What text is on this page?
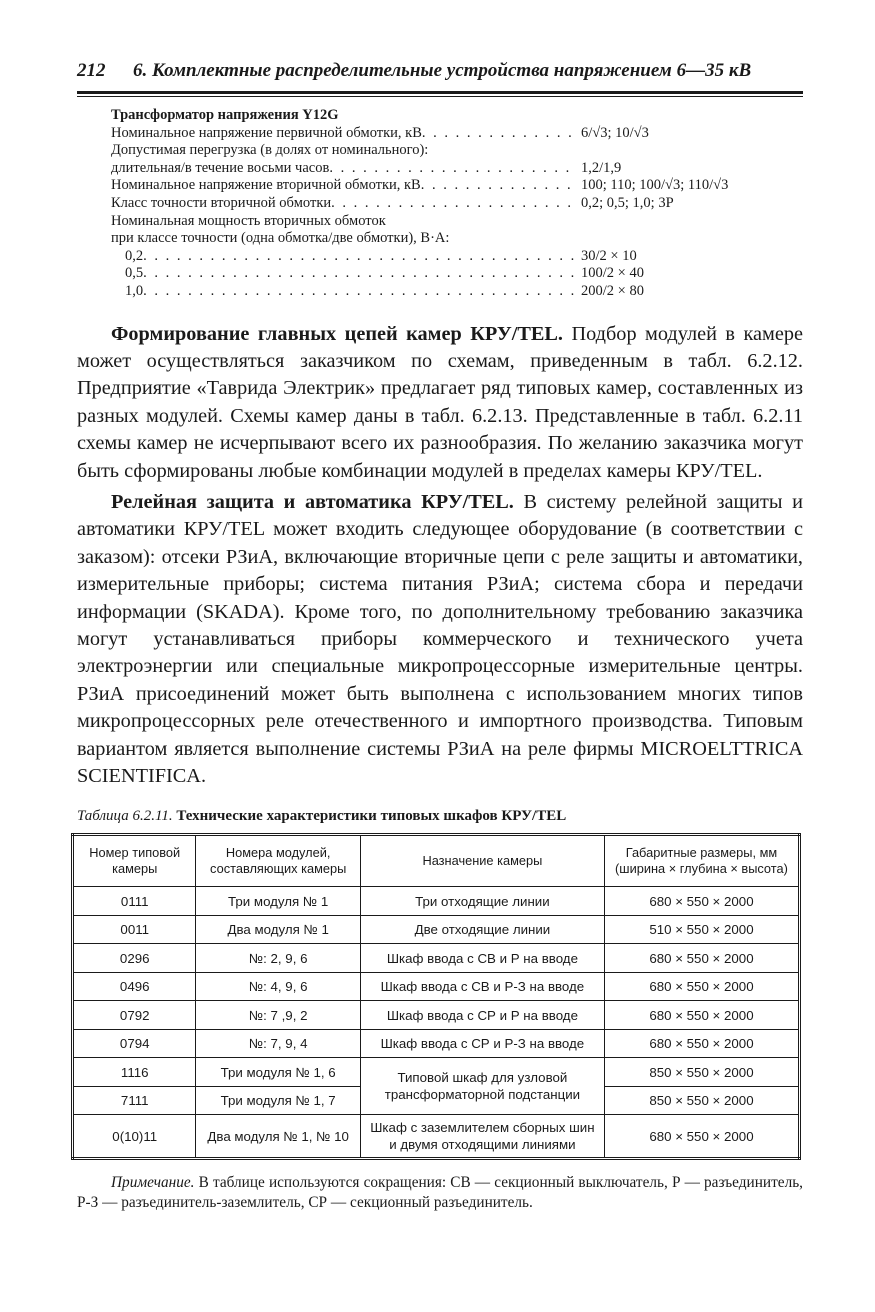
212	6. Комплектные распределительные устройства напряжением 6—35 кВ
Трансформатор напряжения Y12G
Номинальное напряжение первичной обмотки, кВ . . .	6/√3; 10/√3
Допустимая перегрузка (в долях от номинального):
длительная/в течение восьми часов . . .	1,2/1,9
Номинальное напряжение вторичной обмотки, кВ . . .	100; 110; 100/√3; 110/√3
Класс точности вторичной обмотки . . .	0,2; 0,5; 1,0; 3Р
Номинальная мощность вторичных обмоток
при классе точности (одна обмотка/две обмотки), В·А:
0,2 . . .	30/2 × 10
0,5 . . .	100/2 × 40
1,0 . . .	200/2 × 80

Формирование главных цепей камер КРУ/TEL. Подбор модулей в камере может осуществляться заказчиком по схемам, приведенным в табл. 6.2.12. Предприятие «Таврида Электрик» предлагает ряд типовых камер, составленных из разных модулей. Схемы камер даны в табл. 6.2.13. Представленные в табл. 6.2.11 схемы камер не исчерпывают всего их разнообразия. По желанию заказчика могут быть сформированы любые комбинации модулей в пределах камеры КРУ/TEL.

Релейная защита и автоматика КРУ/TEL. В систему релейной защиты и автоматики КРУ/TEL может входить следующее оборудование (в соответствии с заказом): отсеки РЗиА, включающие вторичные цепи с реле защиты и автоматики, измерительные приборы; система питания РЗиА; система сбора и передачи информации (SKADA). Кроме того, по дополнительному требованию заказчика могут устанавливаться приборы коммерческого и технического учета электроэнергии или специальные микропроцессорные измерительные центры. РЗиА присоединений может быть выполнена с использованием многих типов микропроцессорных реле отечественного и импортного производства. Типовым вариантом является выполнение системы РЗиА на реле фирмы MICROELTTRICA SCIENTIFICA.

Таблица 6.2.11. Технические характеристики типовых шкафов КРУ/TEL
Номер типовой камеры	Номера модулей, составляющих камеры	Назначение камеры	Габаритные размеры, мм (ширина × глубина × высота)
0111	Три модуля № 1	Три отходящие линии	680 × 550 × 2000
0011	Два модуля № 1	Две отходящие линии	510 × 550 × 2000
0296	№: 2, 9, 6	Шкаф ввода с СВ и Р на вводе	680 × 550 × 2000
0496	№: 4, 9, 6	Шкаф ввода с СВ и Р-З на вводе	680 × 550 × 2000
0792	№: 7 ,9, 2	Шкаф ввода с СР и Р на вводе	680 × 550 × 2000
0794	№: 7, 9, 4	Шкаф ввода с СР и Р-З на вводе	680 × 550 × 2000
1116	Три модуля № 1, 6	Типовой шкаф для узловой трансформаторной подстанции	850 × 550 × 2000
7111	Три модуля № 1, 7		850 × 550 × 2000
0(10)11	Два модуля № 1, № 10	Шкаф с заземлителем сборных шин и двумя отходящими линиями	680 × 550 × 2000
Примечание. В таблице используются сокращения: СВ — секционный выключатель, Р — разъединитель, Р-З — разъединитель-заземлитель, СР — секционный разъединитель.
